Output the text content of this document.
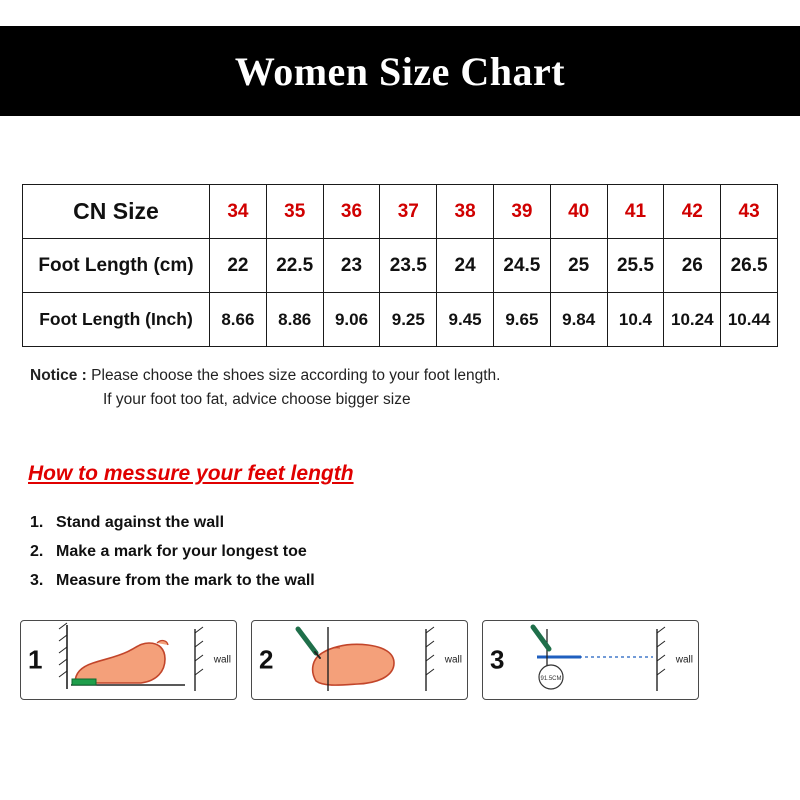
Women Size Chart
CN Size	34	35	36	37	38	39	40	41	42	43
Foot Length (cm)	22	22.5	23	23.5	24	24.5	25	25.5	26	26.5
Foot Length (Inch)	8.66	8.86	9.06	9.25	9.45	9.65	9.84	10.4	10.24	10.44
Notice : Please choose the shoes size according to your foot length.
If your foot too fat, advice choose bigger size
How to messure your feet length
1. Stand against the wall
2. Make a mark for your longest toe
3. Measure from the mark to the wall
1	wall 2	wall 3
91.5CM
wall
